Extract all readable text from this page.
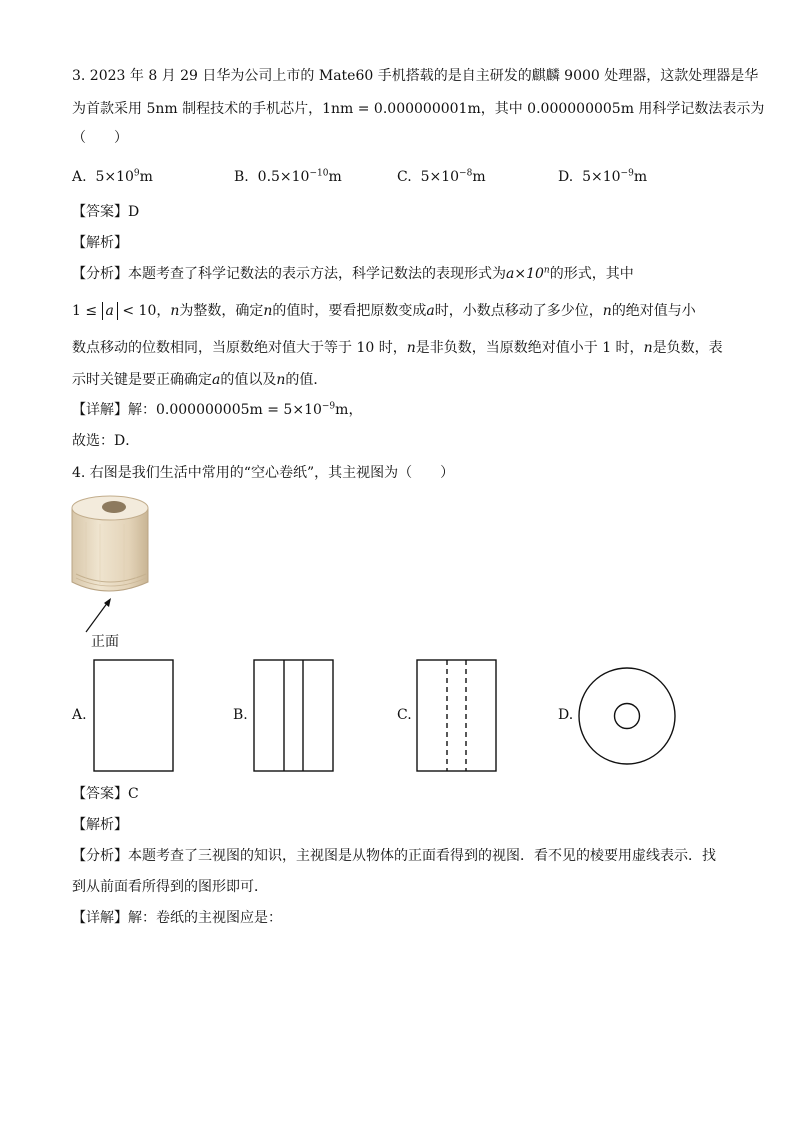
3. 2023 年 8 月 29 日华为公司上市的 Mate60 手机搭载的是自主研发的麒麟 9000 处理器，这款处理器是华
为首款采用 5nm 制程技术的手机芯片，1nm = 0.000000001m，其中 0.000000005m 用科学记数法表示为
（　　）
A. $5\times 10^9m$	B. $0.5\times 10^{-10}m$	C. $5\times 10^{-8}m$	D. $5\times 10^{-9}m$
【答案】D
【解析】
【分析】本题考查了科学记数法的表示方法，科学记数法的表现形式为$a\times 10^n$的形式，其中
1 ≤ a < 10，n为整数，确定n的值时，要看把原数变成a时，小数点移动了多少位，n的绝对值与小
数点移动的位数相同，当原数绝对值大于等于 10 时，n是非负数，当原数绝对值小于 1 时，n是负数，表
示时关键是要正确确定a的值以及n的值．
【详解】解：$0.000000005m = 5\times 10^{-9}m$，
故选：D．
4. 右图是我们生活中常用的“空心卷纸”，其主视图为（　　）
正面
A.	B.	C.	D.
【答案】C
【解析】
【分析】本题考查了三视图的知识，主视图是从物体的正面看得到的视图．看不见的棱要用虚线表示．找
到从前面看所得到的图形即可．
【详解】解：卷纸的主视图应是：
